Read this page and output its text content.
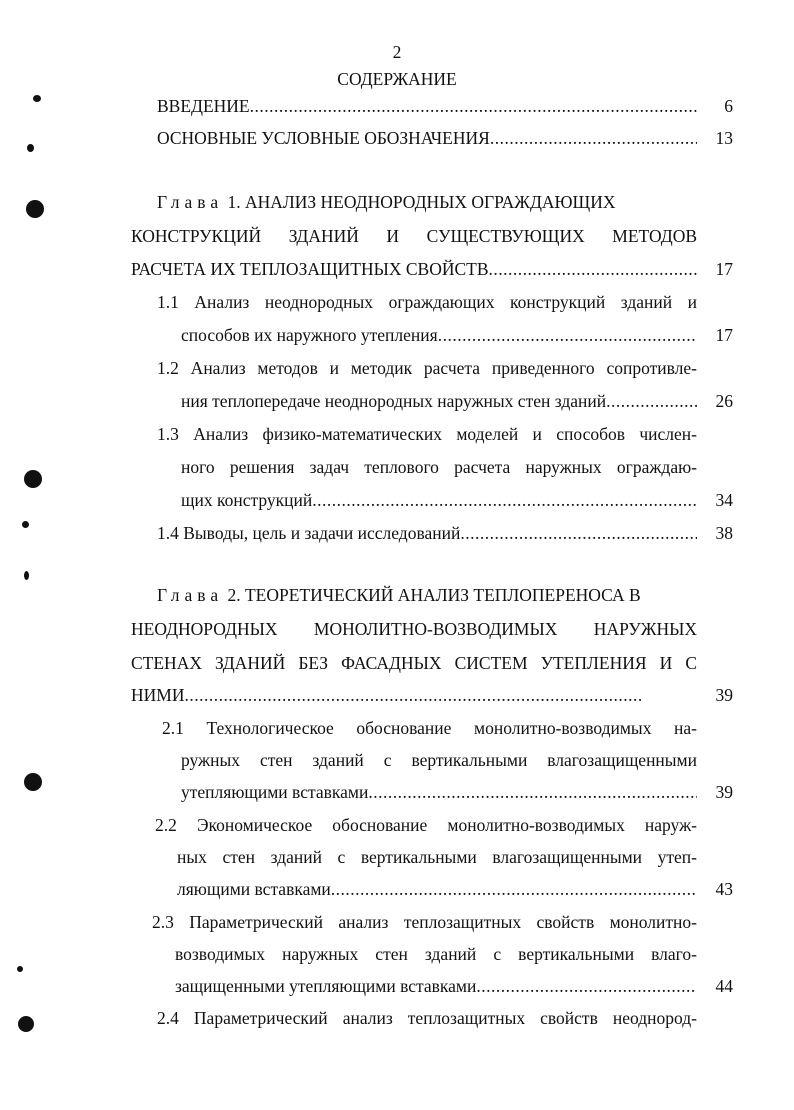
2
СОДЕРЖАНИЕ
ВВЕДЕНИЕ .....	6
ОСНОВНЫЕ УСЛОВНЫЕ ОБОЗНАЧЕНИЯ .....	13
Глава 1. АНАЛИЗ НЕОДНОРОДНЫХ ОГРАЖДАЮЩИХ
КОНСТРУКЦИЙ ЗДАНИЙ И СУЩЕСТВУЮЩИХ МЕТОДОВ
РАСЧЕТА ИХ ТЕПЛОЗАЩИТНЫХ СВОЙСТВ .....	17
1.1 Анализ неоднородных ограждающих конструкций зданий и
способов их наружного утепления .....	17
1.2 Анализ методов и методик расчета приведенного сопротивле-
ния теплопередаче неоднородных наружных стен зданий .....	26
1.3 Анализ физико-математических моделей и способов числен-
ного решения задач теплового расчета наружных ограждаю-
щих конструкций .....	34
1.4 Выводы, цель и задачи исследований .....	38
Глава 2. ТЕОРЕТИЧЕСКИЙ АНАЛИЗ ТЕПЛОПЕРЕНОСА В
НЕОДНОРОДНЫХ МОНОЛИТНО-ВОЗВОДИМЫХ НАРУЖНЫХ
СТЕНАХ ЗДАНИЙ БЕЗ ФАСАДНЫХ СИСТЕМ УТЕПЛЕНИЯ И С
НИМИ .....	39
2.1 Технологическое обоснование монолитно-возводимых на-
ружных стен зданий с вертикальными влагозащищенными
утепляющими вставками .....	39
2.2 Экономическое обоснование монолитно-возводимых наруж-
ных стен зданий с вертикальными влагозащищенными утеп-
ляющими вставками .....	43
2.3 Параметрический анализ теплозащитных свойств монолитно-
возводимых наружных стен зданий с вертикальными влаго-
защищенными утепляющими вставками .....	44
2.4 Параметрический анализ теплозащитных свойств неоднород-
